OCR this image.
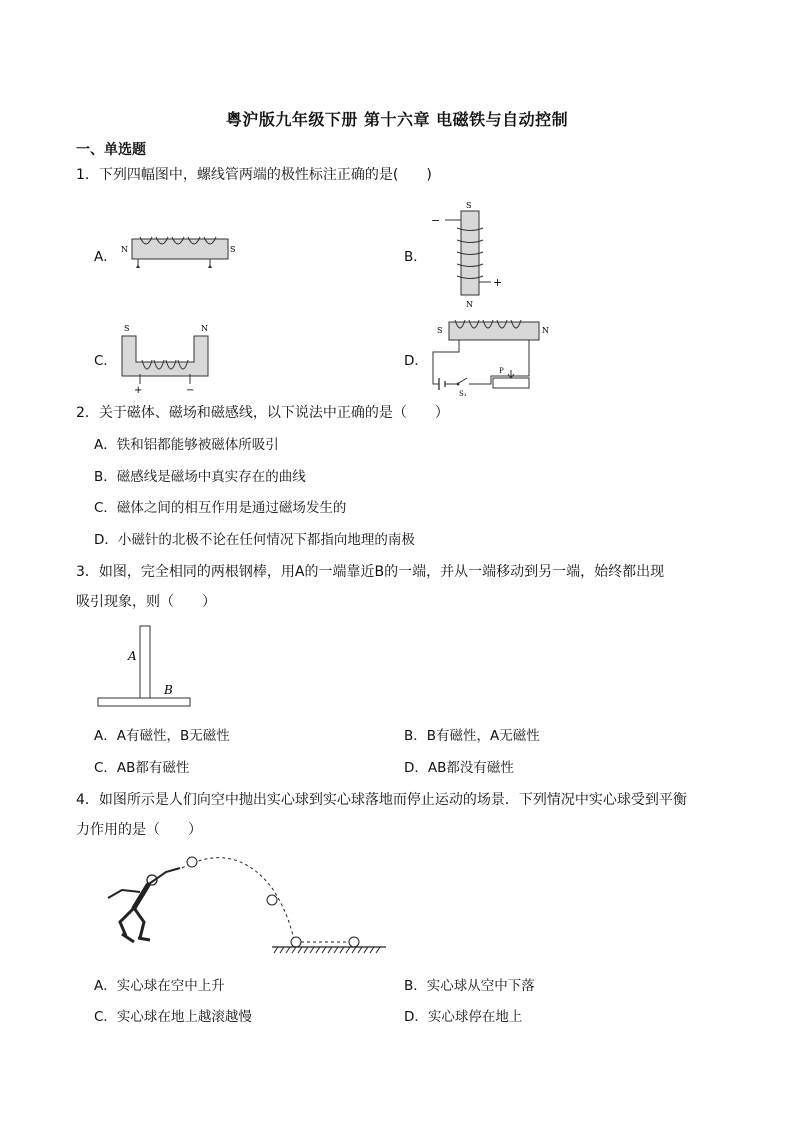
粤沪版九年级下册 第十六章 电磁铁与自动控制
一、单选题
1．下列四幅图中，螺线管两端的极性标注正确的是(　　)
A． N	S	B．
S
N
−
+
C．
S	N
+	−
D．
S	N
S₁
P
2．关于磁体、磁场和磁感线，以下说法中正确的是（　　）
A．铁和铝都能够被磁体所吸引
B．磁感线是磁场中真实存在的曲线
C．磁体之间的相互作用是通过磁场发生的
D．小磁针的北极不论在任何情况下都指向地理的南极
3．如图，完全相同的两根钢棒，用A的一端靠近B的一端，并从一端移动到另一端，始终都出现
吸引现象，则（　　）
A
B
A．A有磁性，B无磁性	B．B有磁性，A无磁性
C．AB都有磁性	D．AB都没有磁性
4．如图所示是人们向空中抛出实心球到实心球落地而停止运动的场景．下列情况中实心球受到平衡
力作用的是（　　）
A．实心球在空中上升	B．实心球从空中下落
C．实心球在地上越滚越慢	D．实心球停在地上
